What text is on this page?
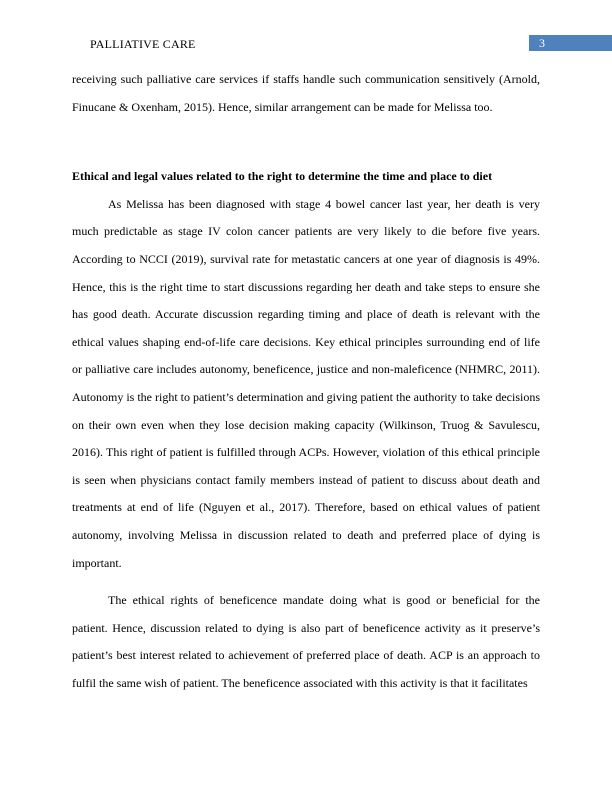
PALLIATIVE CARE	3

receiving such palliative care services if staffs handle such communication sensitively (Arnold, Finucane & Oxenham, 2015). Hence, similar arrangement can be made for Melissa too.

Ethical and legal values related to the right to determine the time and place to diet

As Melissa has been diagnosed with stage 4 bowel cancer last year, her death is very much predictable as stage IV colon cancer patients are very likely to die before five years. According to NCCI (2019), survival rate for metastatic cancers at one year of diagnosis is 49%. Hence, this is the right time to start discussions regarding her death and take steps to ensure she has good death. Accurate discussion regarding timing and place of death is relevant with the ethical values shaping end-of-life care decisions. Key ethical principles surrounding end of life or palliative care includes autonomy, beneficence, justice and non-maleficence (NHMRC, 2011). Autonomy is the right to patient’s determination and giving patient the authority to take decisions on their own even when they lose decision making capacity (Wilkinson, Truog & Savulescu, 2016). This right of patient is fulfilled through ACPs. However, violation of this ethical principle is seen when physicians contact family members instead of patient to discuss about death and treatments at end of life (Nguyen et al., 2017). Therefore, based on ethical values of patient autonomy, involving Melissa in discussion related to death and preferred place of dying is important.

The ethical rights of beneficence mandate doing what is good or beneficial for the patient. Hence, discussion related to dying is also part of beneficence activity as it preserve’s patient’s best interest related to achievement of preferred place of death. ACP is an approach to fulfil the same wish of patient. The beneficence associated with this activity is that it facilitates
